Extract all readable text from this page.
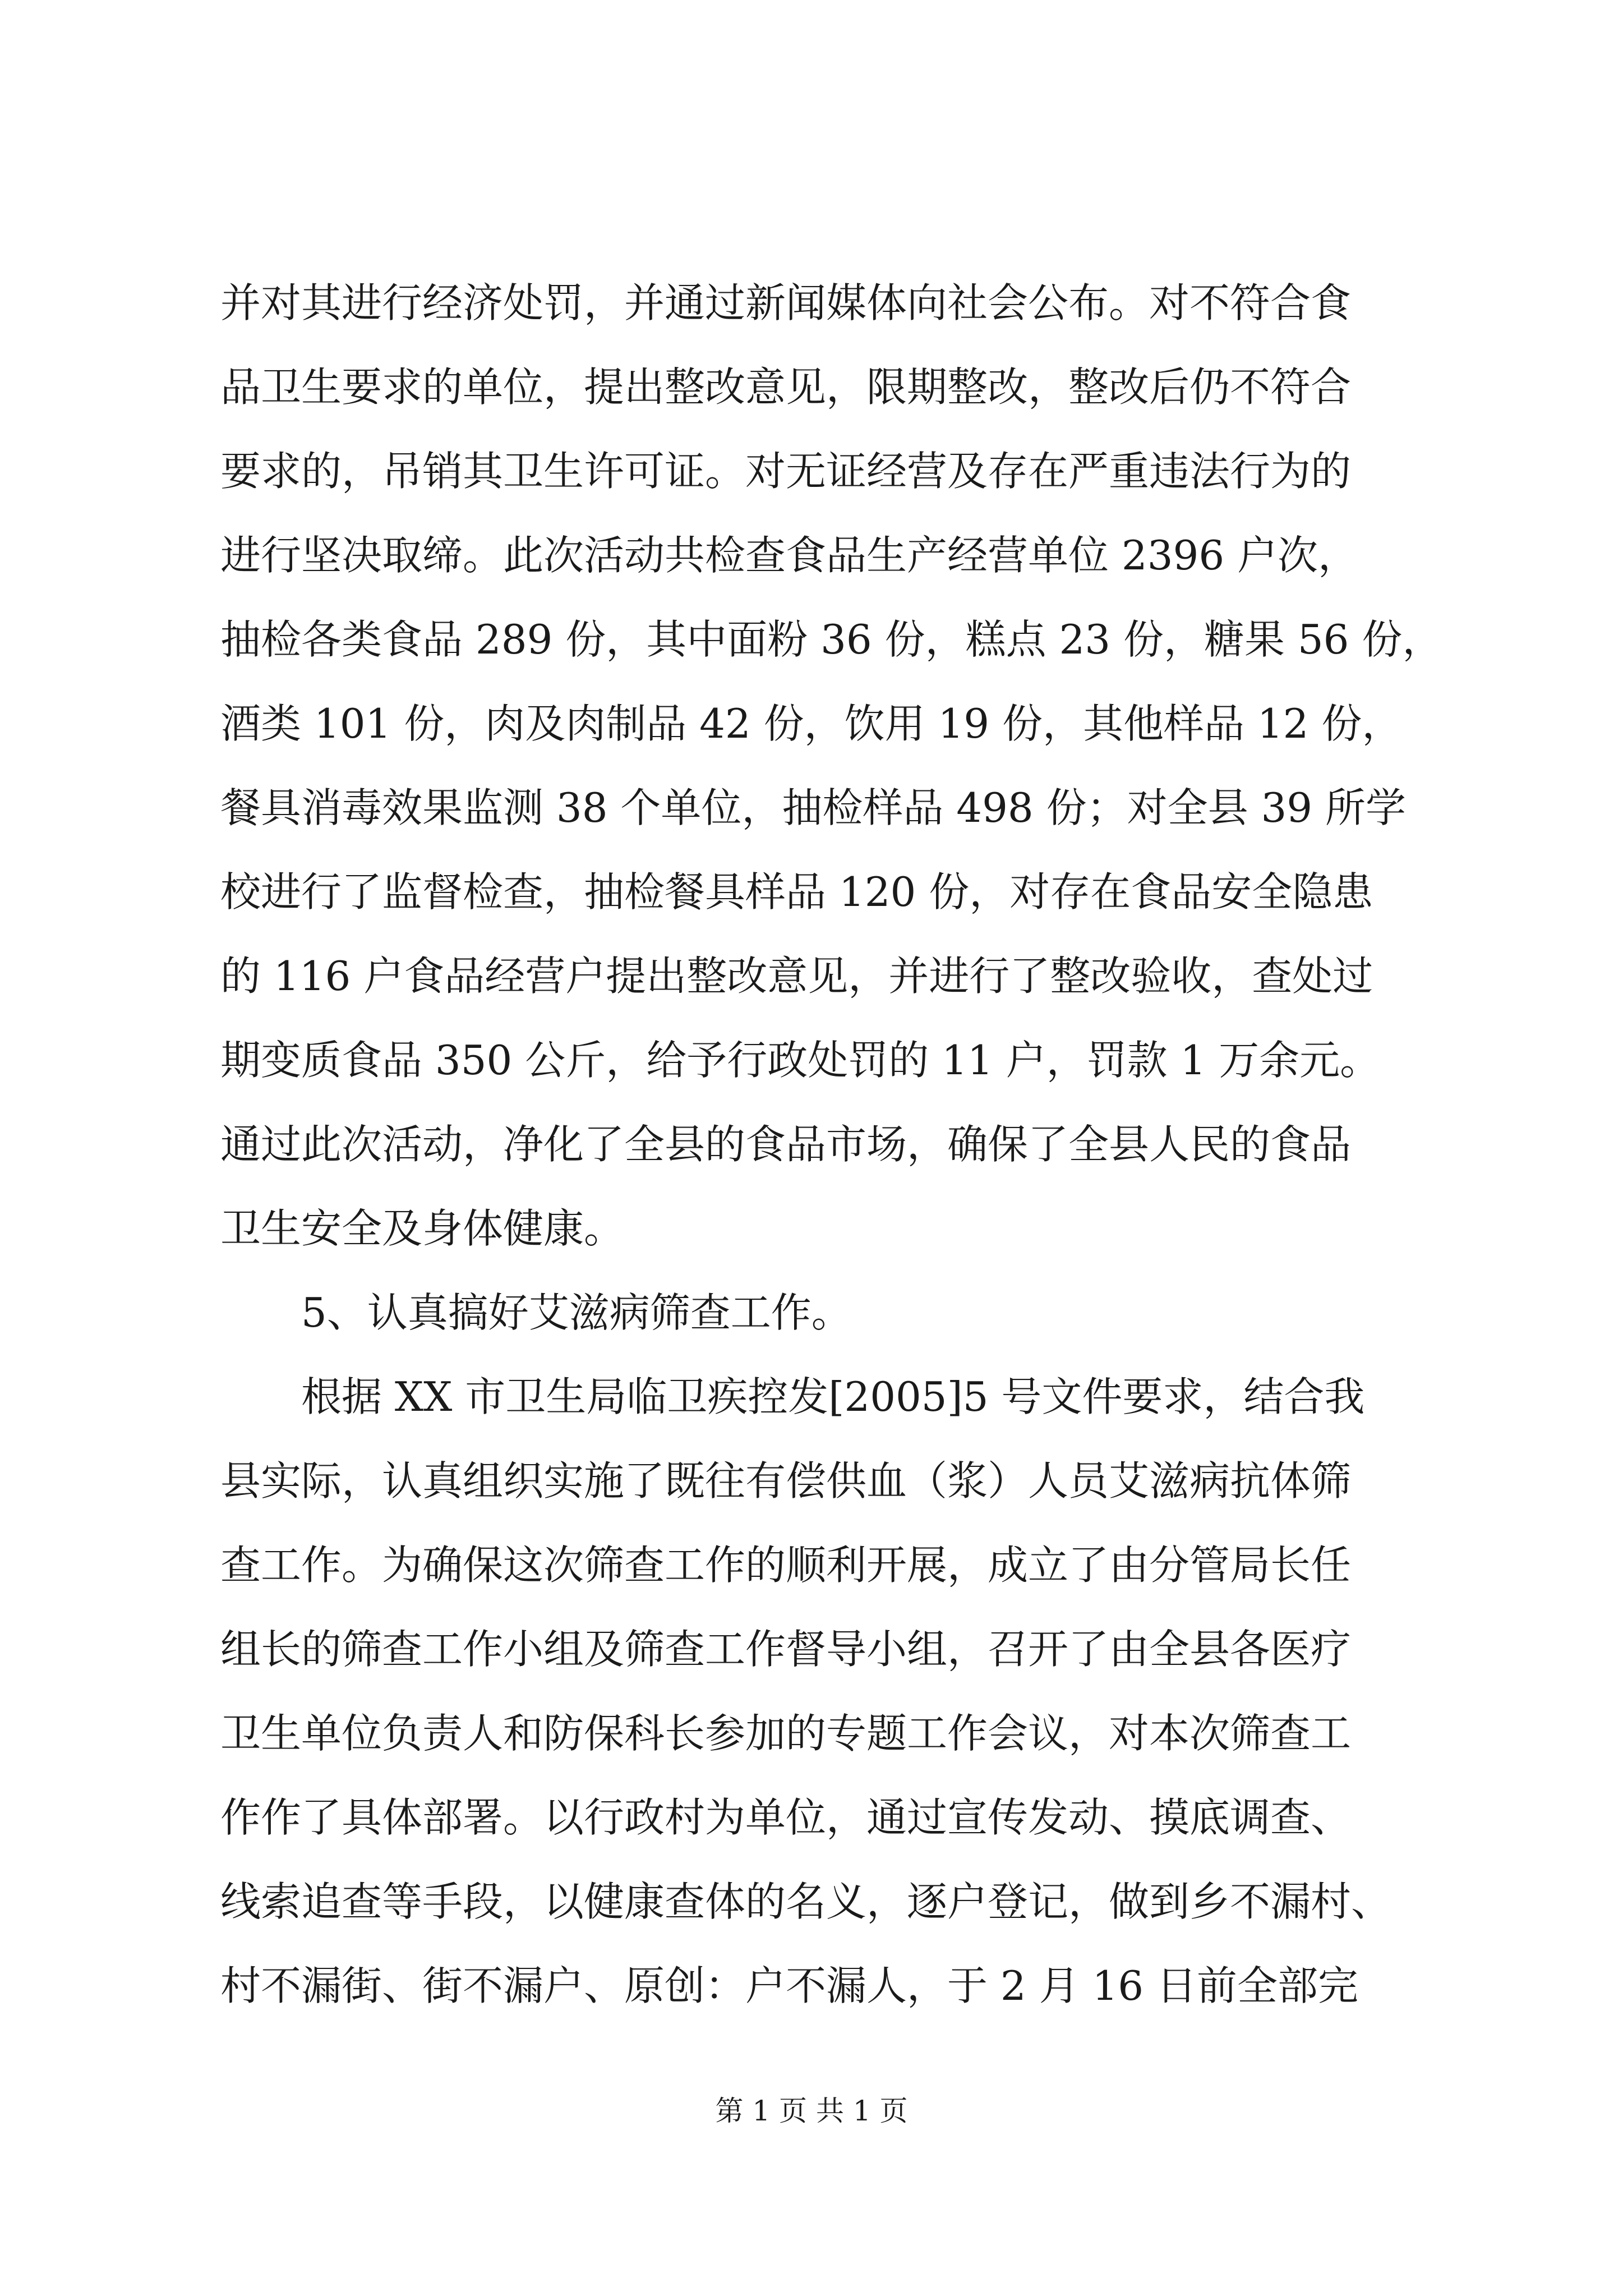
并对其进行经济处罚，并通过新闻媒体向社会公布。对不符合食
品卫生要求的单位，提出整改意见，限期整改，整改后仍不符合
要求的，吊销其卫生许可证。对无证经营及存在严重违法行为的
进行坚决取缔。此次活动共检查食品生产经营单位 2396 户次，
抽检各类食品 289 份，其中面粉 36 份，糕点 23 份，糖果 56 份，
酒类 101 份，肉及肉制品 42 份，饮用 19 份，其他样品 12 份，
餐具消毒效果监测 38 个单位，抽检样品 498 份；对全县 39 所学
校进行了监督检查，抽检餐具样品 120 份，对存在食品安全隐患
的 116 户食品经营户提出整改意见，并进行了整改验收，查处过
期变质食品 350 公斤，给予行政处罚的 11 户，罚款 1 万余元。
通过此次活动，净化了全县的食品市场，确保了全县人民的食品
卫生安全及身体健康。
5、认真搞好艾滋病筛查工作。
根据 XX 市卫生局临卫疾控发[2005]5 号文件要求，结合我
县实际，认真组织实施了既往有偿供血（浆）人员艾滋病抗体筛
查工作。为确保这次筛查工作的顺利开展，成立了由分管局长任
组长的筛查工作小组及筛查工作督导小组，召开了由全县各医疗
卫生单位负责人和防保科长参加的专题工作会议，对本次筛查工
作作了具体部署。以行政村为单位，通过宣传发动、摸底调查、
线索追查等手段，以健康查体的名义，逐户登记，做到乡不漏村、
村不漏街、街不漏户、原创：户不漏人，于 2 月 16 日前全部完
第 1 页 共 1 页
